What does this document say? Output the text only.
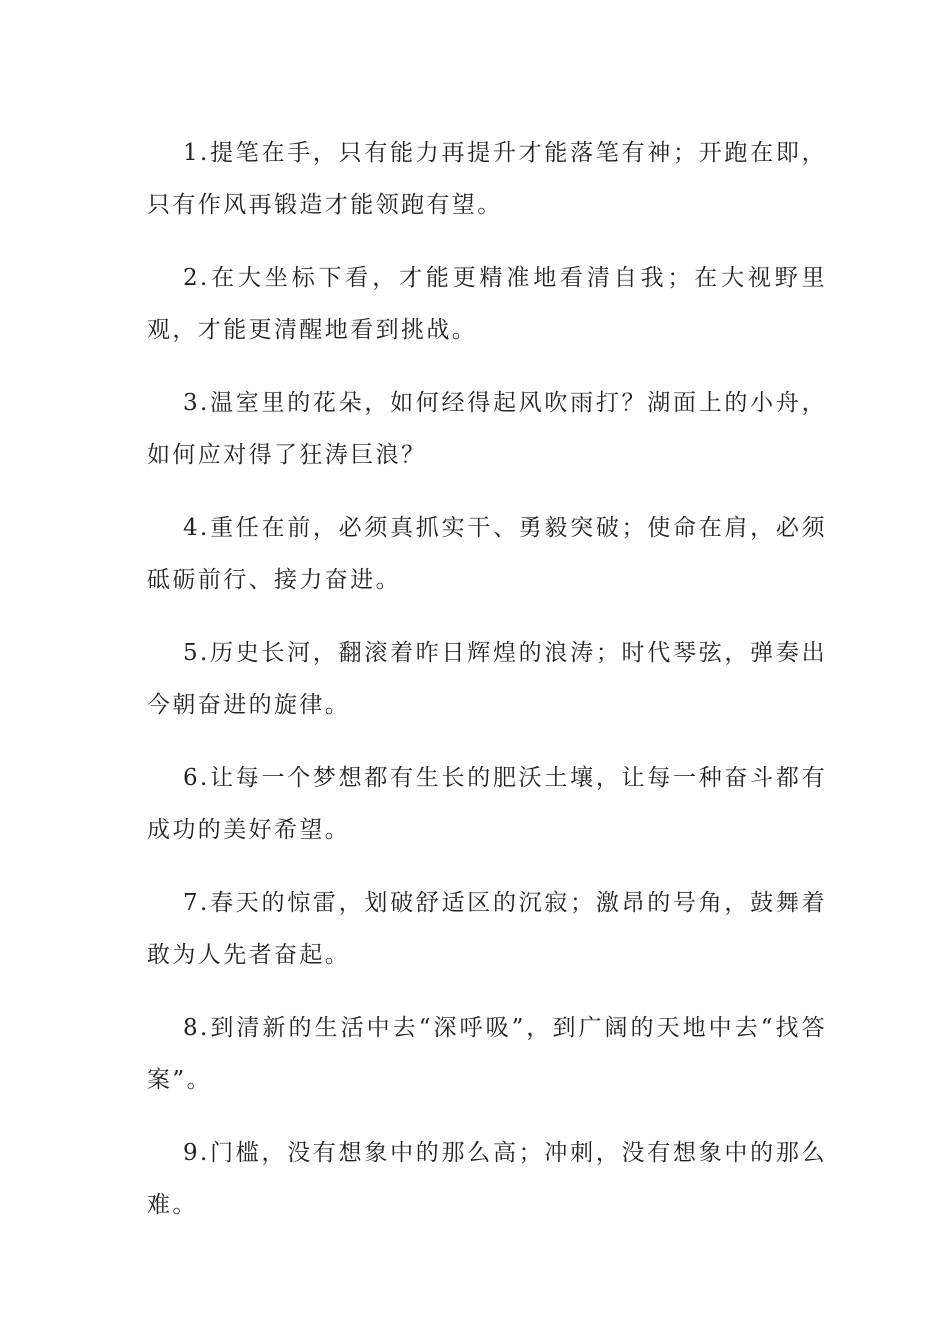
1.提笔在手，只有能力再提升才能落笔有神；开跑在即，只有作风再锻造才能领跑有望。

2.在大坐标下看，才能更精准地看清自我；在大视野里观，才能更清醒地看到挑战。

3.温室里的花朵，如何经得起风吹雨打？湖面上的小舟，如何应对得了狂涛巨浪？

4.重任在前，必须真抓实干、勇毅突破；使命在肩，必须砥砺前行、接力奋进。

5.历史长河，翻滚着昨日辉煌的浪涛；时代琴弦，弹奏出今朝奋进的旋律。

6.让每一个梦想都有生长的肥沃土壤，让每一种奋斗都有成功的美好希望。

7.春天的惊雷，划破舒适区的沉寂；激昂的号角，鼓舞着敢为人先者奋起。

8.到清新的生活中去“深呼吸”，到广阔的天地中去“找答案”。

9.门槛，没有想象中的那么高；冲刺，没有想象中的那么难。
